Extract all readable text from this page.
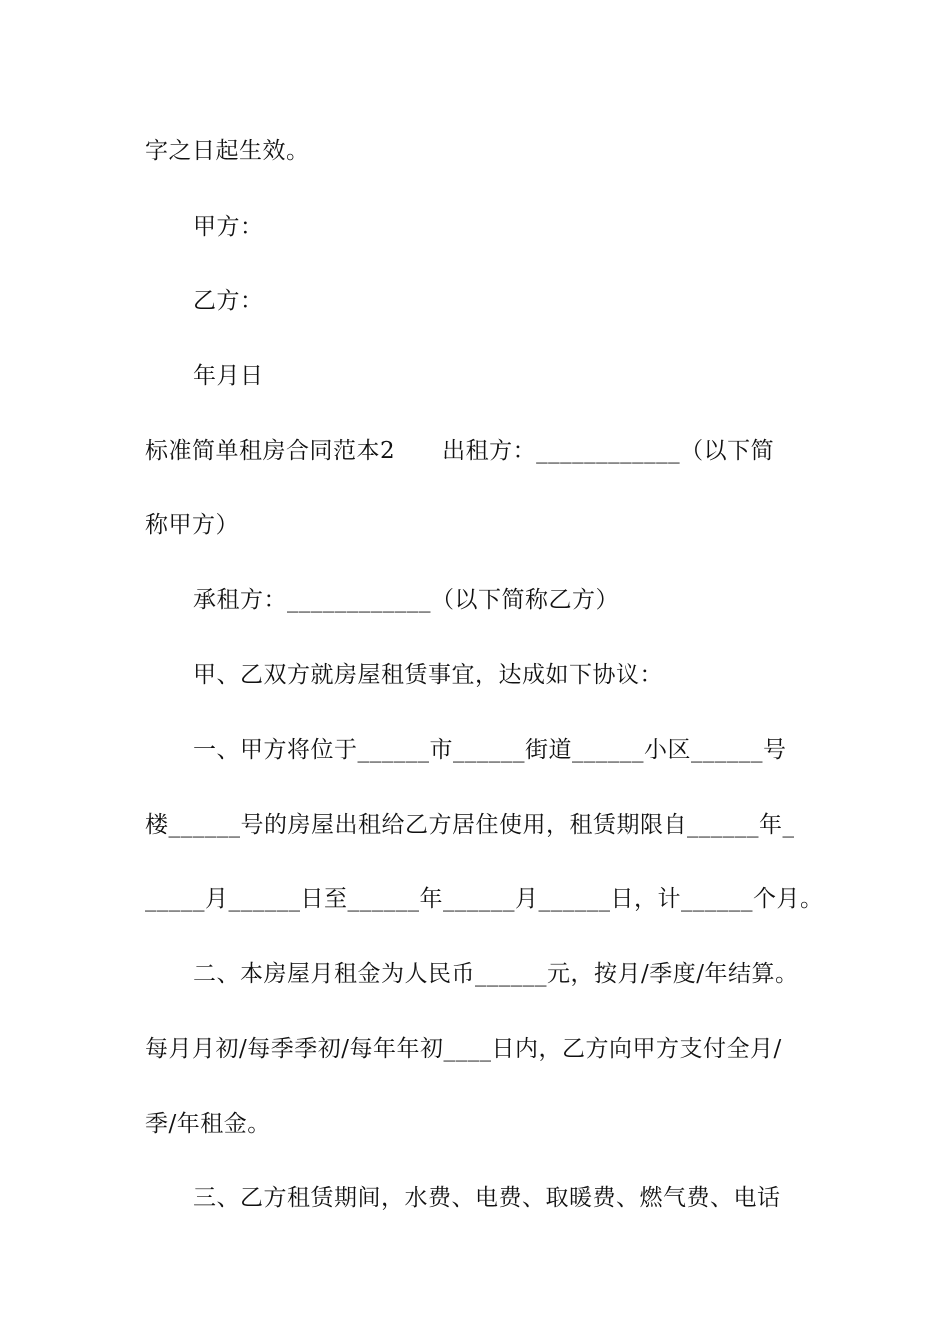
字之日起生效。
甲方：
乙方：
年月日
标准简单租房合同范本2　　出租方：____________（以下简
称甲方）
承租方：____________（以下简称乙方）
甲、乙双方就房屋租赁事宜，达成如下协议：
一、甲方将位于______市______街道______小区______号
楼______号的房屋出租给乙方居住使用，租赁期限自______年_
_____月______日至______年______月______日，计______个月。
二、本房屋月租金为人民币______元，按月/季度/年结算。
每月月初/每季季初/每年年初____日内，乙方向甲方支付全月/
季/年租金。
三、乙方租赁期间，水费、电费、取暖费、燃气费、电话
